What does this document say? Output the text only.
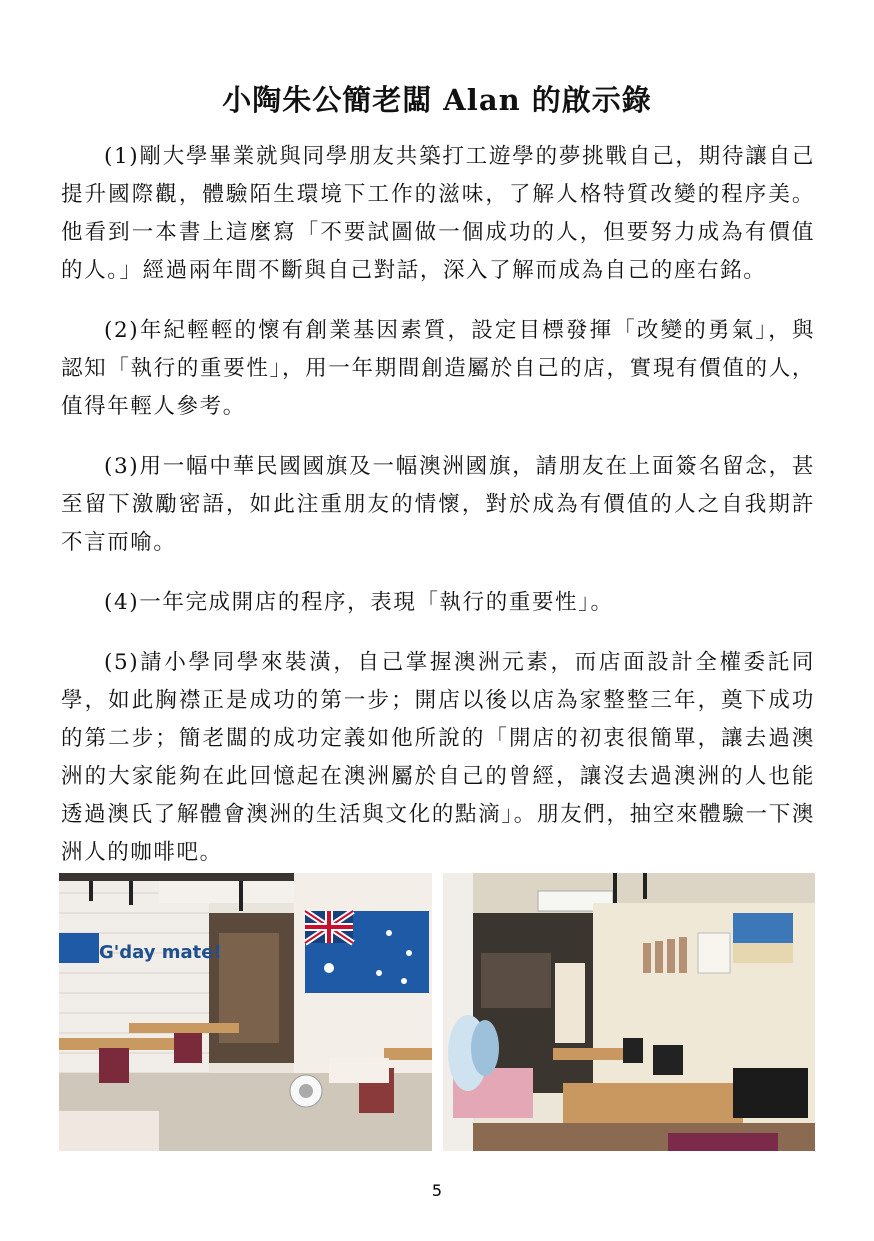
小陶朱公簡老闆 Alan 的啟示錄

(1)剛大學畢業就與同學朋友共築打工遊學的夢挑戰自己，期待讓自己提升國際觀，體驗陌生環境下工作的滋味，了解人格特質改變的程序美。他看到一本書上這麼寫「不要試圖做一個成功的人，但要努力成為有價值的人。」經過兩年間不斷與自己對話，深入了解而成為自己的座右銘。

(2)年紀輕輕的懷有創業基因素質，設定目標發揮「改變的勇氣」，與認知「執行的重要性」，用一年期間創造屬於自己的店，實現有價值的人，值得年輕人參考。

(3)用一幅中華民國國旗及一幅澳洲國旗，請朋友在上面簽名留念，甚至留下激勵密語，如此注重朋友的情懷，對於成為有價值的人之自我期許不言而喻。

(4)一年完成開店的程序，表現「執行的重要性」。

(5)請小學同學來裝潢，自己掌握澳洲元素，而店面設計全權委託同學，如此胸襟正是成功的第一步；開店以後以店為家整整三年，奠下成功的第二步；簡老闆的成功定義如他所說的「開店的初衷很簡單，讓去過澳洲的大家能夠在此回憶起在澳洲屬於自己的曾經，讓沒去過澳洲的人也能透過澳氏了解體會澳洲的生活與文化的點滴」。朋友們，抽空來體驗一下澳洲人的咖啡吧。

G'day mate!
5
